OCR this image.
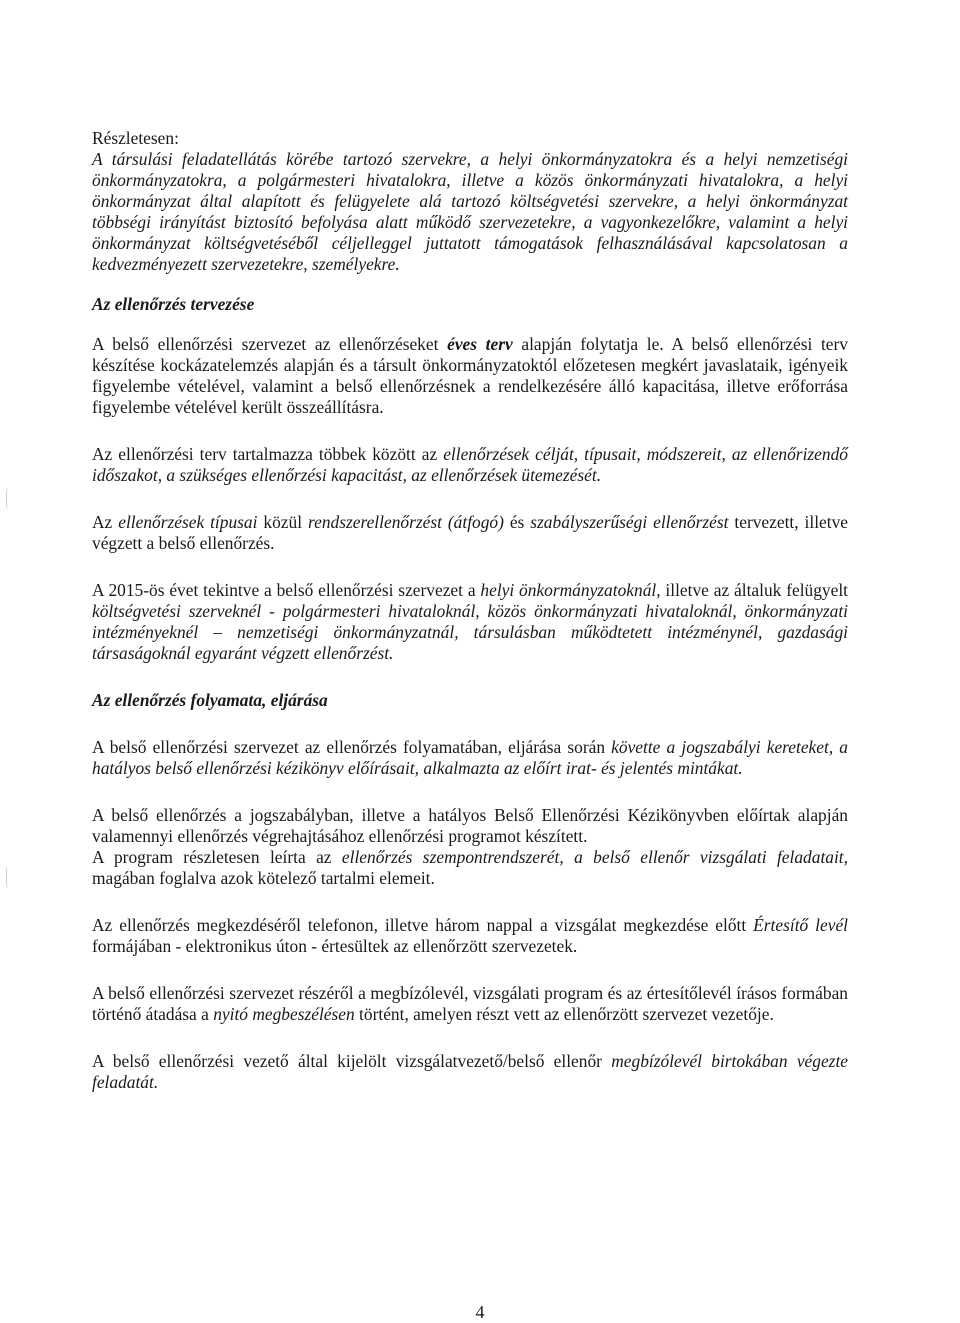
Részletesen:

A társulási feladatellátás körébe tartozó szervekre, a helyi önkormányzatokra és a helyi nemzetiségi önkormányzatokra, a polgármesteri hivatalokra, illetve a közös önkormányzati hivatalokra, a helyi önkormányzat által alapított és felügyelete alá tartozó költségvetési szervekre, a helyi önkormányzat többségi irányítást biztosító befolyása alatt működő szervezetekre, a vagyonkezelőkre, valamint a helyi önkormányzat költségvetéséből céljelleggel juttatott támogatások felhasználásával kapcsolatosan a kedvezményezett szervezetekre, személyekre.

Az ellenőrzés tervezése

A belső ellenőrzési szervezet az ellenőrzéseket éves terv alapján folytatja le. A belső ellenőrzési terv készítése kockázatelemzés alapján és a társult önkormányzatoktól előzetesen megkért javaslataik, igényeik figyelembe vételével, valamint a belső ellenőrzésnek a rendelkezésére álló kapacitása, illetve erőforrása figyelembe vételével került összeállításra.

Az ellenőrzési terv tartalmazza többek között az ellenőrzések célját, típusait, módszereit, az ellenőrizendő időszakot, a szükséges ellenőrzési kapacitást, az ellenőrzések ütemezését.

Az ellenőrzések típusai közül rendszerellenőrzést (átfogó) és szabályszerűségi ellenőrzést tervezett, illetve végzett a belső ellenőrzés.

A 2015-ös évet tekintve a belső ellenőrzési szervezet a helyi önkormányzatoknál, illetve az általuk felügyelt költségvetési szerveknél - polgármesteri hivataloknál, közös önkormányzati hivataloknál, önkormányzati intézményeknél – nemzetiségi önkormányzatnál, társulásban működtetett intézménynél, gazdasági társaságoknál egyaránt végzett ellenőrzést.

Az ellenőrzés folyamata, eljárása

A belső ellenőrzési szervezet az ellenőrzés folyamatában, eljárása során követte a jogszabályi kereteket, a hatályos belső ellenőrzési kézikönyv előírásait, alkalmazta az előírt irat- és jelentés mintákat.

A belső ellenőrzés a jogszabályban, illetve a hatályos Belső Ellenőrzési Kézikönyvben előírtak alapján valamennyi ellenőrzés végrehajtásához ellenőrzési programot készített.

A program részletesen leírta az ellenőrzés szempontrendszerét, a belső ellenőr vizsgálati feladatait, magában foglalva azok kötelező tartalmi elemeit.

Az ellenőrzés megkezdéséről telefonon, illetve három nappal a vizsgálat megkezdése előtt Értesítő levél formájában - elektronikus úton - értesültek az ellenőrzött szervezetek.

A belső ellenőrzési szervezet részéről a megbízólevél, vizsgálati program és az értesítőlevél írásos formában történő átadása a nyitó megbeszélésen történt, amelyen részt vett az ellenőrzött szervezet vezetője.

A belső ellenőrzési vezető által kijelölt vizsgálatvezető/belső ellenőr megbízólevél birtokában végezte feladatát.

4
